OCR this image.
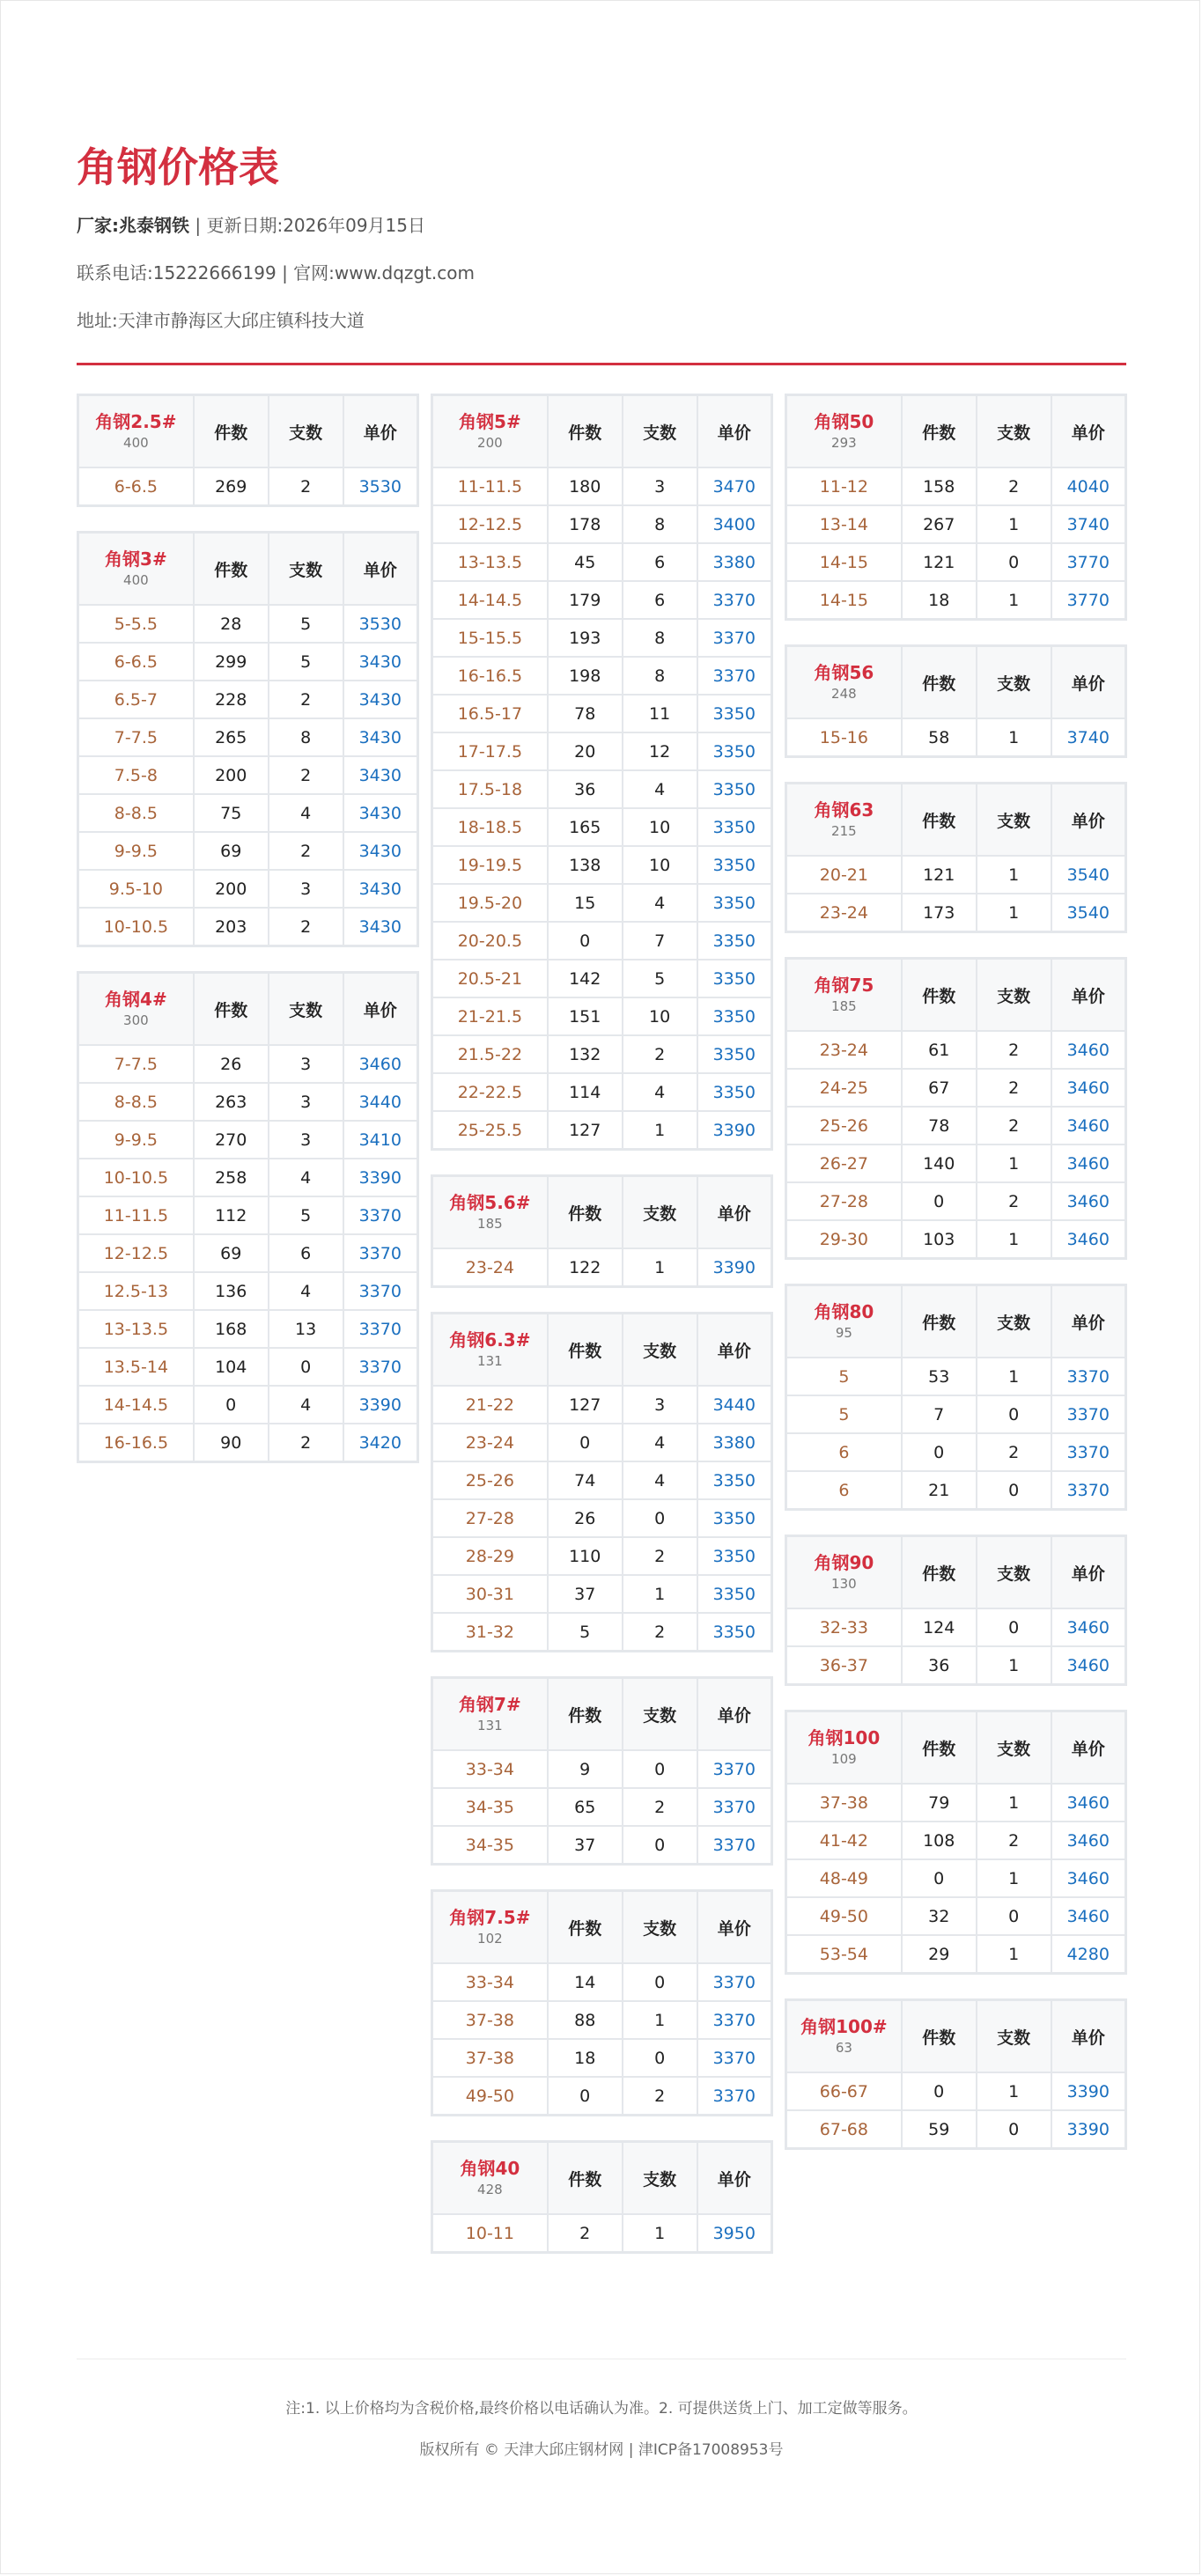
角钢价格表
厂家:兆泰钢铁 | 更新日期:2026年09月15日
联系电话:15222666199 | 官网:www.dqzgt.com
地址:天津市静海区大邱庄镇科技大道
角钢2.5#
400	件数	支数	单价
6-6.5	269	2	3530
角钢3#
400	件数	支数	单价
5-5.5	28	5	3530
6-6.5	299	5	3430
6.5-7	228	2	3430
7-7.5	265	8	3430
7.5-8	200	2	3430
8-8.5	75	4	3430
9-9.5	69	2	3430
9.5-10	200	3	3430
10-10.5	203	2	3430
角钢4#
300	件数	支数	单价
7-7.5	26	3	3460
8-8.5	263	3	3440
9-9.5	270	3	3410
10-10.5	258	4	3390
11-11.5	112	5	3370
12-12.5	69	6	3370
12.5-13	136	4	3370
13-13.5	168	13	3370
13.5-14	104	0	3370
14-14.5	0	4	3390
16-16.5	90	2	3420
角钢5#
200	件数	支数	单价
11-11.5	180	3	3470
12-12.5	178	8	3400
13-13.5	45	6	3380
14-14.5	179	6	3370
15-15.5	193	8	3370
16-16.5	198	8	3370
16.5-17	78	11	3350
17-17.5	20	12	3350
17.5-18	36	4	3350
18-18.5	165	10	3350
19-19.5	138	10	3350
19.5-20	15	4	3350
20-20.5	0	7	3350
20.5-21	142	5	3350
21-21.5	151	10	3350
21.5-22	132	2	3350
22-22.5	114	4	3350
25-25.5	127	1	3390
角钢5.6#
185	件数	支数	单价
23-24	122	1	3390
角钢6.3#
131	件数	支数	单价
21-22	127	3	3440
23-24	0	4	3380
25-26	74	4	3350
27-28	26	0	3350
28-29	110	2	3350
30-31	37	1	3350
31-32	5	2	3350
角钢7#
131	件数	支数	单价
33-34	9	0	3370
34-35	65	2	3370
34-35	37	0	3370
角钢7.5#
102	件数	支数	单价
33-34	14	0	3370
37-38	88	1	3370
37-38	18	0	3370
49-50	0	2	3370
角钢40
428	件数	支数	单价
10-11	2	1	3950
角钢50
293	件数	支数	单价
11-12	158	2	4040
13-14	267	1	3740
14-15	121	0	3770
14-15	18	1	3770
角钢56
248	件数	支数	单价
15-16	58	1	3740
角钢63
215	件数	支数	单价
20-21	121	1	3540
23-24	173	1	3540
角钢75
185	件数	支数	单价
23-24	61	2	3460
24-25	67	2	3460
25-26	78	2	3460
26-27	140	1	3460
27-28	0	2	3460
29-30	103	1	3460
角钢80
95	件数	支数	单价
5	53	1	3370
5	7	0	3370
6	0	2	3370
6	21	0	3370
角钢90
130	件数	支数	单价
32-33	124	0	3460
36-37	36	1	3460
角钢100
109	件数	支数	单价
37-38	79	1	3460
41-42	108	2	3460
48-49	0	1	3460
49-50	32	0	3460
53-54	29	1	4280
角钢100#
63	件数	支数	单价
66-67	0	1	3390
67-68	59	0	3390
注:1. 以上价格均为含税价格,最终价格以电话确认为准。2. 可提供送货上门、加工定做等服务。
版权所有 © 天津大邱庄钢材网 | 津ICP备17008953号
